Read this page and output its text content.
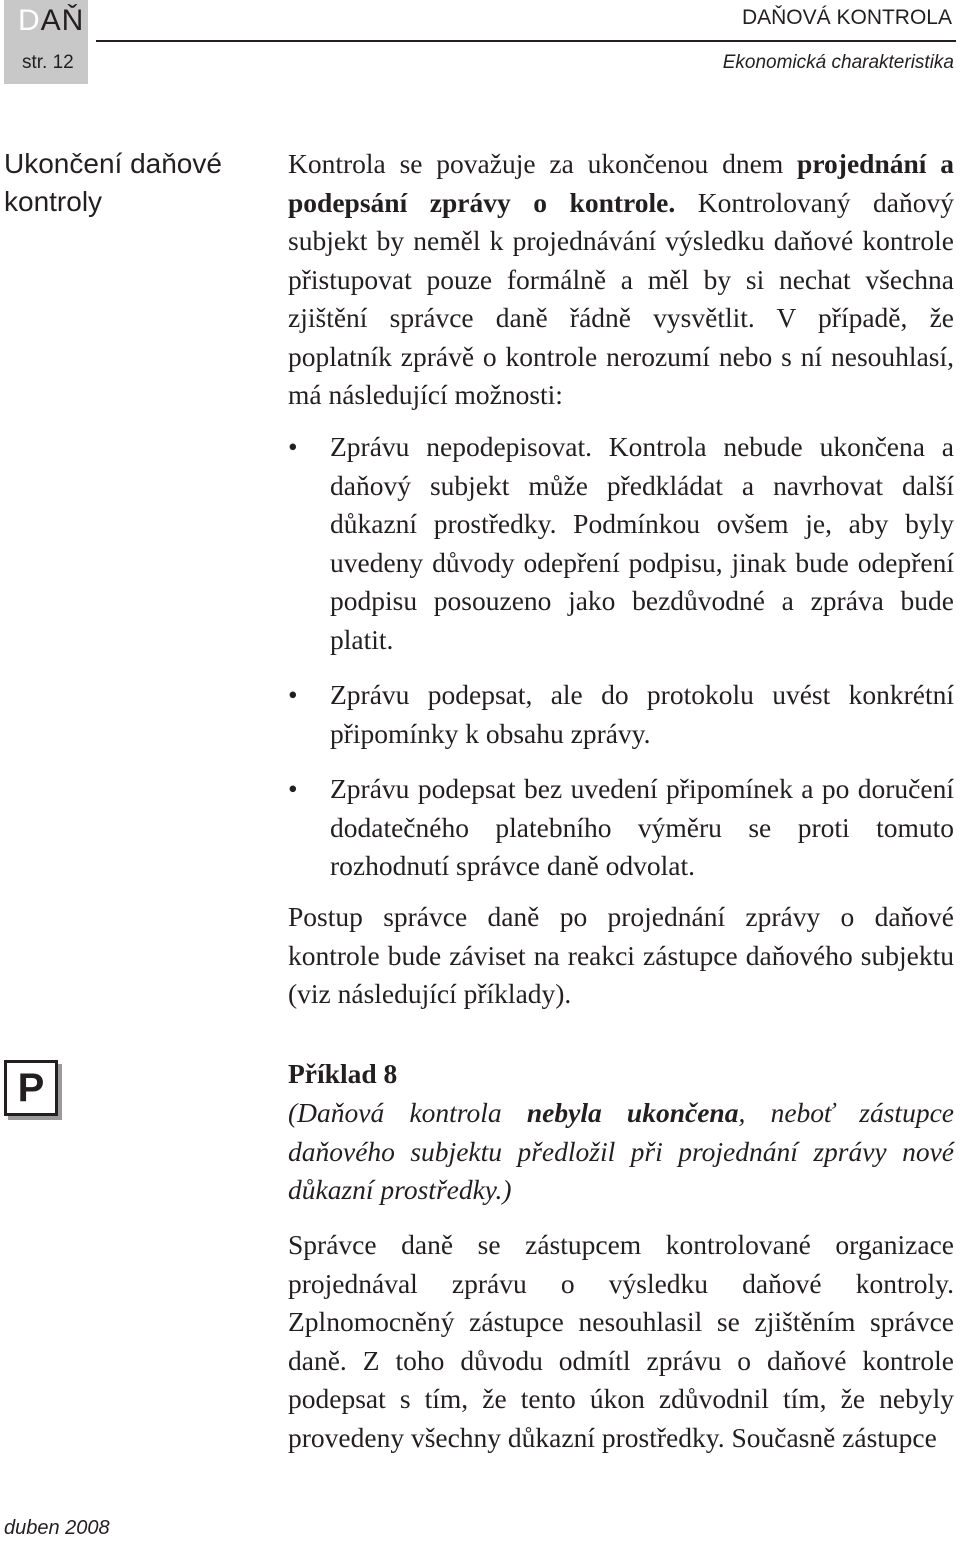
DAŇ
str. 12
DAŇOVÁ KONTROLA
Ekonomická charakteristika
Ukončení daňové kontroly

Kontrola se považuje za ukončenou dnem projednání a podepsání zprávy o kontrole. Kontrolovaný daňový subjekt by neměl k projednávání výsledku daňové kontrole přistupovat pouze formálně a měl by si nechat všechna zjištění správce daně řádně vysvětlit. V případě, že poplatník zprávě o kontrole nerozumí nebo s ní nesouhlasí, má následující možnosti:

• Zprávu nepodepisovat. Kontrola nebude ukončena a daňový subjekt může předkládat a navrhovat další důkazní prostředky. Podmínkou ovšem je, aby byly uvedeny důvody odepření podpisu, jinak bude odepření podpisu posouzeno jako bezdůvodné a zpráva bude platit.
• Zprávu podepsat, ale do protokolu uvést konkrétní připomínky k obsahu zprávy.
• Zprávu podepsat bez uvedení připomínek a po doručení dodatečného platebního výměru se proti tomuto rozhodnutí správce daně odvolat.

Postup správce daně po projednání zprávy o daňové kontrole bude záviset na reakci zástupce daňového subjektu (viz následující příklady).

P	Příklad 8

(Daňová kontrola nebyla ukončena, neboť zástupce daňového subjektu předložil při projednání zprávy nové důkazní prostředky.)

Správce daně se zástupcem kontrolované organizace projednával zprávu o výsledku daňové kontroly. Zplnomocněný zástupce nesouhlasil se zjištěním správce daně. Z toho důvodu odmítl zprávu o daňové kontrole podepsat s tím, že tento úkon zdůvodnil tím, že nebyly provedeny všechny důkazní prostředky. Současně zástupce

duben 2008
